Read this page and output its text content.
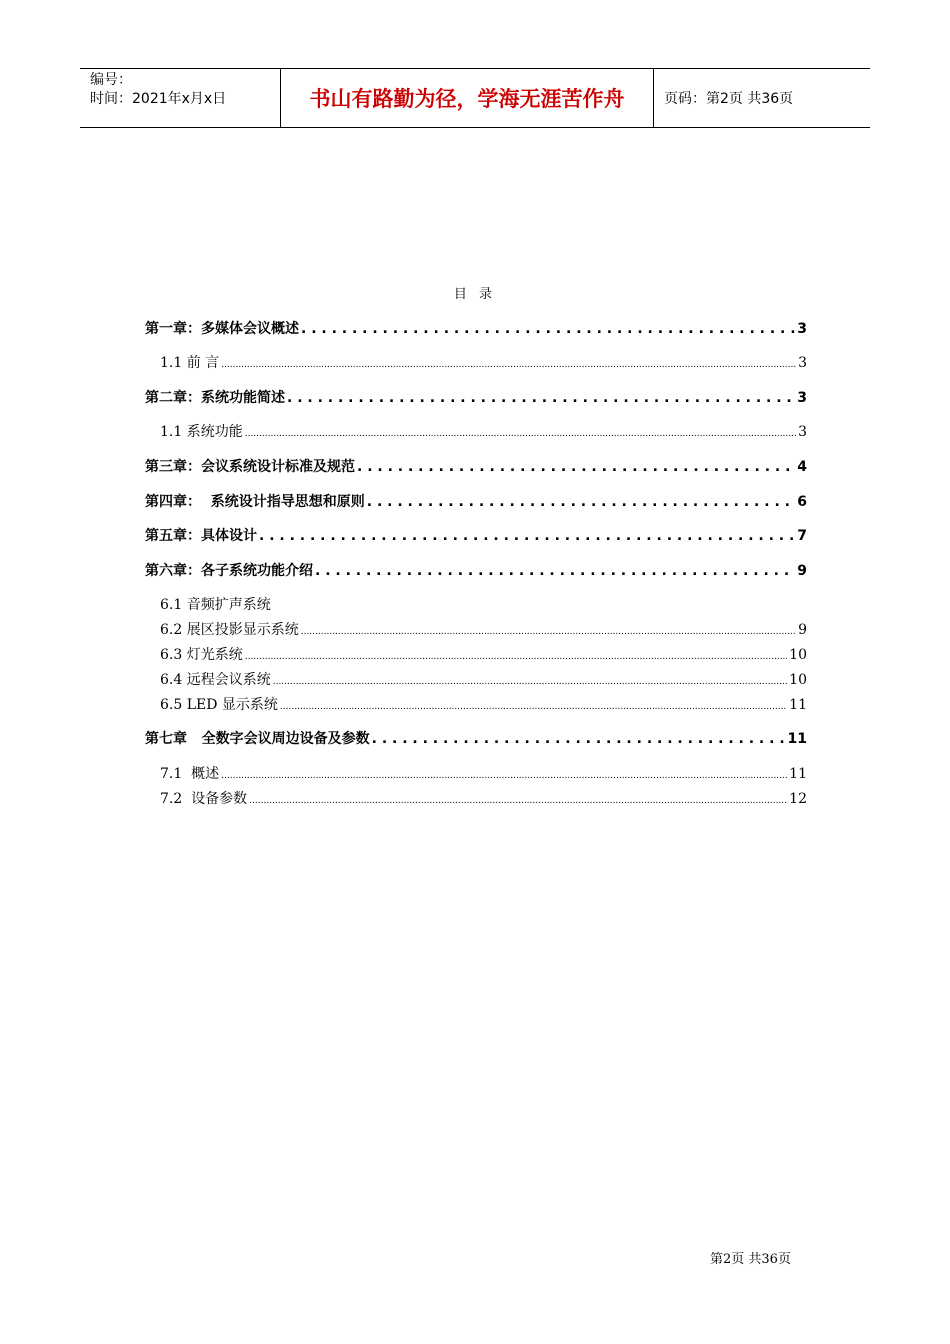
编号：
时间：2021年x月x日	书山有路勤为径，学海无涯苦作舟	页码：第2页 共36页
目 录
第一章：多媒体会议概述 . . .	3
1.1 前 言 .....	3
第二章：系统功能简述 . . .	3
1.1 系统功能 .....	3
第三章：会议系统设计标准及规范 . . .	4
第四章：  系统设计指导思想和原则 . . .	6
第五章：具体设计 . . .	7
第六章：各子系统功能介绍 . . .	9
6.1 音频扩声系统
6.2 展区投影显示系统 .....	9
6.3 灯光系统 .....	10
6.4 远程会议系统 .....	10
6.5 LED 显示系统 .....	11
第七章   全数字会议周边设备及参数 . . .	11
7.1  概述 .....	11
7.2  设备参数 .....	12
第2页 共36页
